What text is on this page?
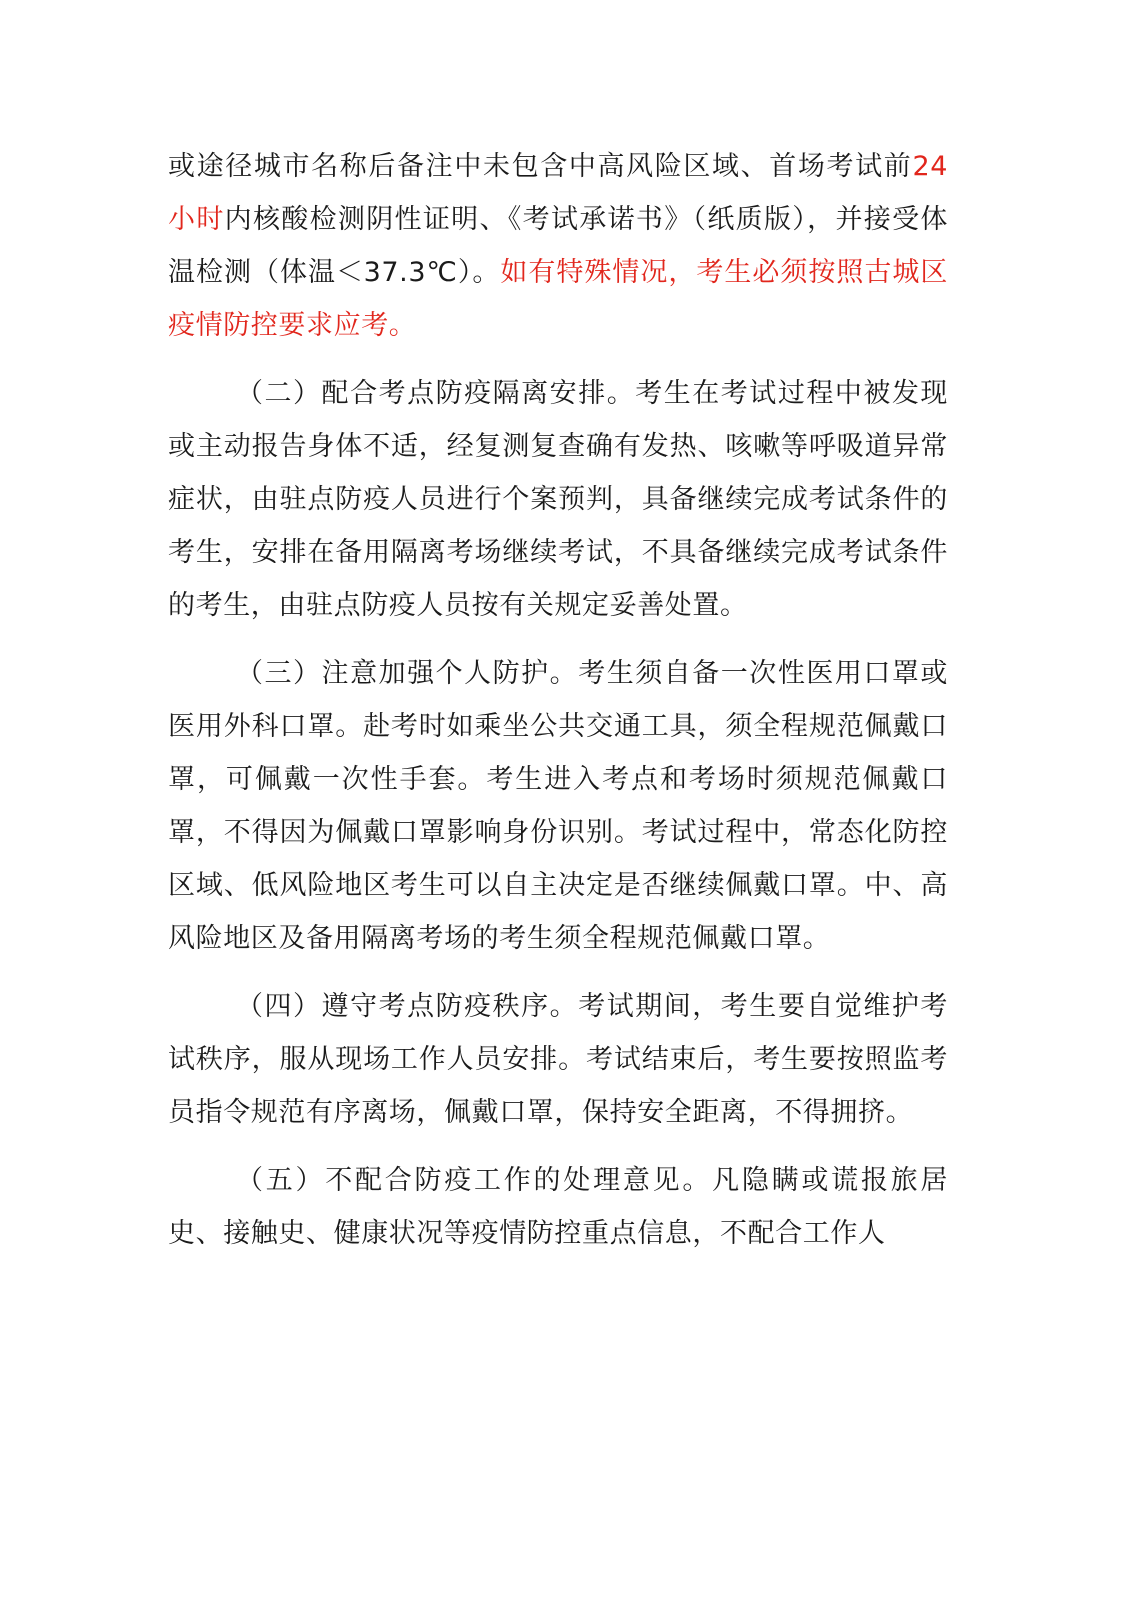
或途径城市名称后备注中未包含中高风险区域、首场考试前24小时内核酸检测阴性证明、《考试承诺书》（纸质版），并接受体温检测（体温＜37.3℃）。如有特殊情况，考生必须按照古城区疫情防控要求应考。

（二）配合考点防疫隔离安排。考生在考试过程中被发现或主动报告身体不适，经复测复查确有发热、咳嗽等呼吸道异常症状，由驻点防疫人员进行个案预判，具备继续完成考试条件的考生，安排在备用隔离考场继续考试，不具备继续完成考试条件的考生，由驻点防疫人员按有关规定妥善处置。

（三）注意加强个人防护。考生须自备一次性医用口罩或医用外科口罩。赴考时如乘坐公共交通工具，须全程规范佩戴口罩，可佩戴一次性手套。考生进入考点和考场时须规范佩戴口罩，不得因为佩戴口罩影响身份识别。考试过程中，常态化防控区域、低风险地区考生可以自主决定是否继续佩戴口罩。中、高风险地区及备用隔离考场的考生须全程规范佩戴口罩。

（四）遵守考点防疫秩序。考试期间，考生要自觉维护考试秩序，服从现场工作人员安排。考试结束后，考生要按照监考员指令规范有序离场，佩戴口罩，保持安全距离，不得拥挤。

（五）不配合防疫工作的处理意见。凡隐瞒或谎报旅居史、接触史、健康状况等疫情防控重点信息，不配合工作人
